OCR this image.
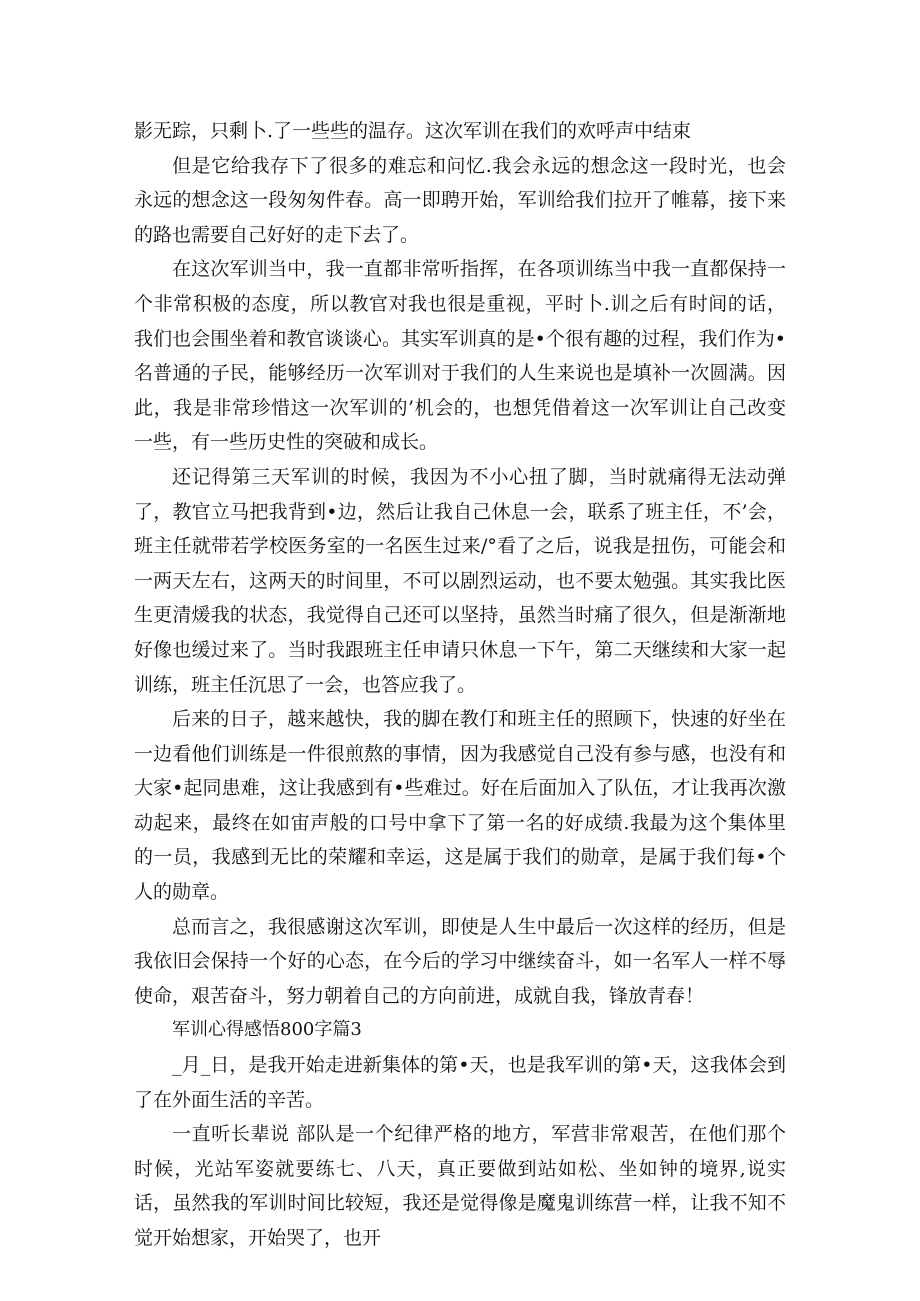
影无踪，只剩卜.了一些些的温存。这次军训在我们的欢呼声中结束

但是它给我存下了很多的难忘和问忆.我会永远的想念这一段时光，也会永远的想念这一段匆匆件春。高一即聘开始，军训给我们拉开了帷幕，接下来的路也需要自己好好的走下去了。

在这次军训当中，我一直都非常听指挥，在各项训练当中我一直都保持一个非常积极的态度，所以教官对我也很是重视，平时卜.训之后有时间的话，我们也会围坐着和教官谈谈心。其实军训真的是•个很有趣的过程，我们作为•名普通的子民，能够经历一次军训对于我们的人生来说也是填补一次圆满。因此，我是非常珍惜这一次军训的’机会的，也想凭借着这一次军训让自己改变一些，有一些历史性的突破和成长。

还记得第三天军训的时候，我因为不小心扭了脚，当时就痛得无法动弹了，教官立马把我背到•边，然后让我自己休息一会，联系了班主任，不’会，班主任就带若学校医务室的一名医生过来/°看了之后，说我是扭伤，可能会和一两天左右，这两天的时间里，不可以剧烈运动，也不要太勉强。其实我比医生更清煖我的状态，我觉得自己还可以坚持，虽然当时痛了很久，但是渐渐地好像也缓过来了。当时我跟班主任申请只休息一下午，第二天继续和大家一起训练，班主任沉思了一会，也答应我了。

后来的日子，越来越快，我的脚在教仃和班主任的照顾下，快速的好坐在一边看他们训练是一件很煎熬的事情，因为我感觉自己没有参与感，也没有和大家•起同患难，这让我感到有•些难过。好在后面加入了队伍，才让我再次激动起来，最终在如宙声般的口号中拿下了第一名的好成绩.我最为这个集体里的一员，我感到无比的荣耀和幸运，这是属于我们的勋章，是属于我们每•个人的勋章。

总而言之，我很感谢这次军训，即使是人生中最后一次这样的经历，但是我依旧会保持一个好的心态，在今后的学习中继续奋斗，如一名军人一样不辱使命，艰苦奋斗，努力朝着自己的方向前进，成就自我，锋放青春！

军训心得感悟800字篇3

_月_日，是我开始走进新集体的第•天，也是我军训的第•天，这我体会到了在外面生活的辛苦。

一直听长辈说 部队是一个纪律严格的地方，军营非常艰苦，在他们那个时候，光站军姿就要练七、八天，真正要做到站如松、坐如钟的境界,说实话，虽然我的军训时间比较短，我还是觉得像是魔鬼训练营一样，让我不知不觉开始想家，开始哭了，也开
